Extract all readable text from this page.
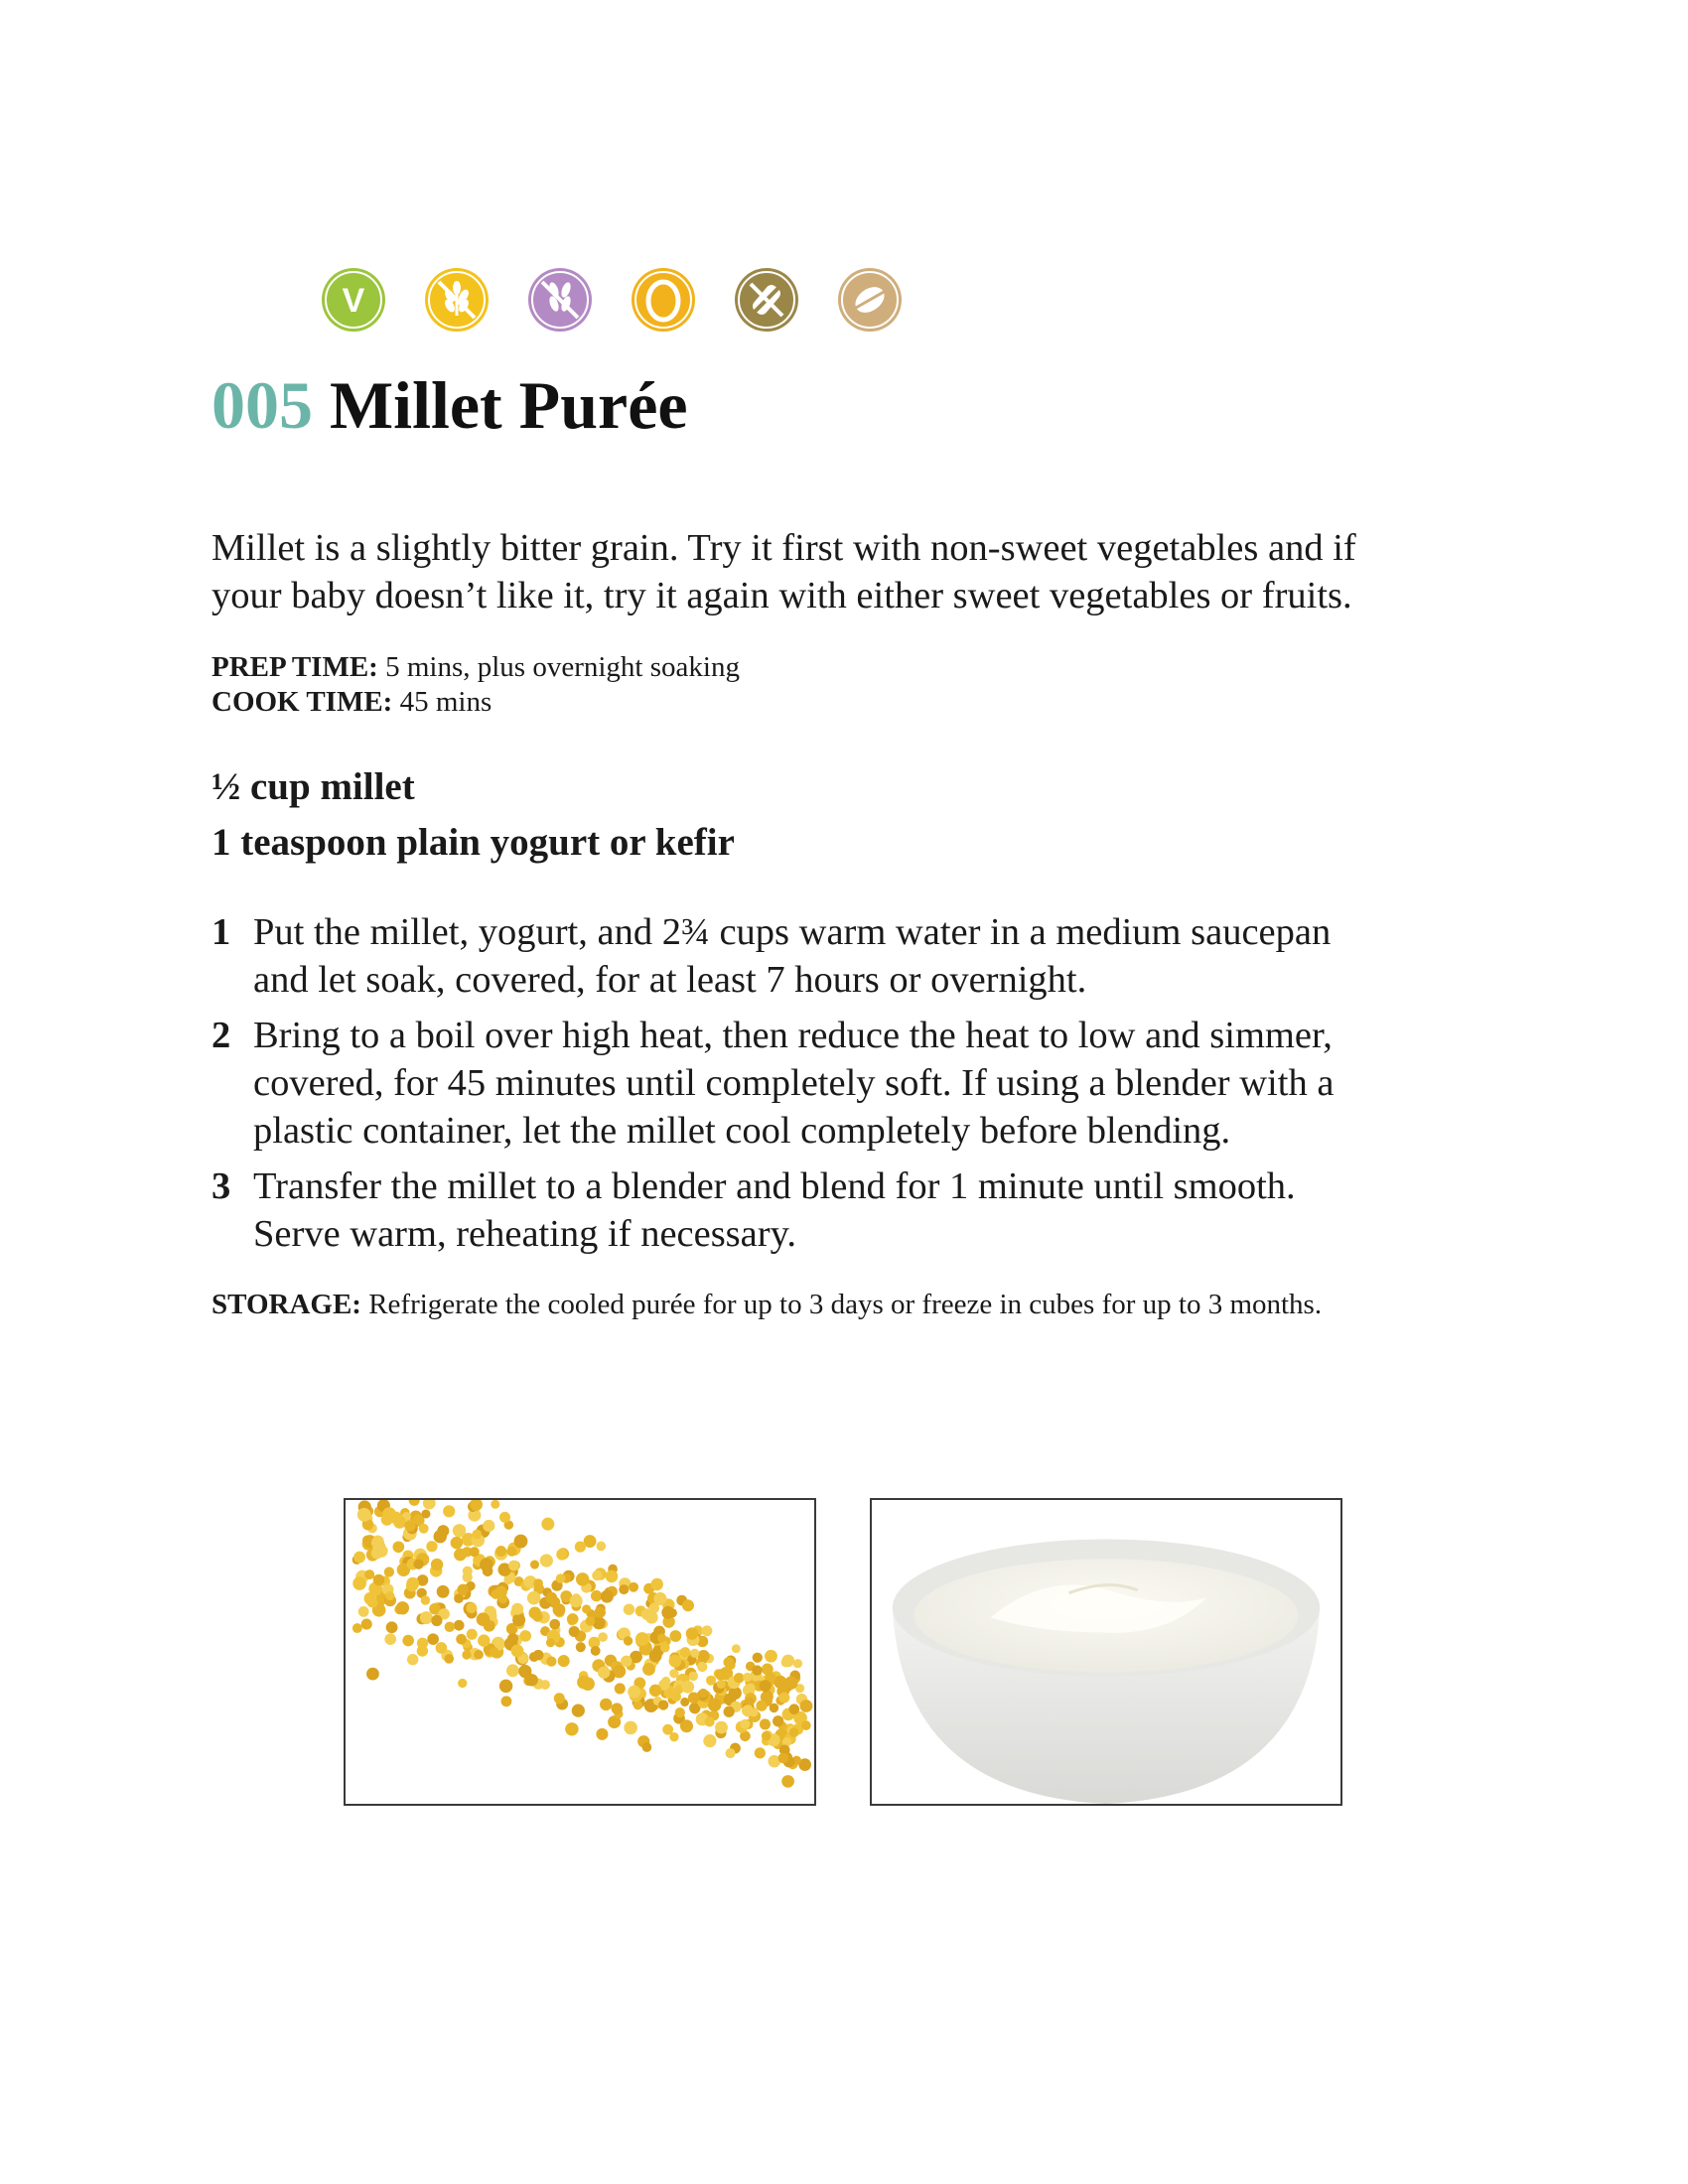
V
005 Millet Purée

Millet is a slightly bitter grain. Try it first with non-sweet vegetables and if
your baby doesn’t like it, try it again with either sweet vegetables or fruits.

PREP TIME: 5 mins, plus overnight soaking
COOK TIME: 45 mins
½ cup millet
1 teaspoon plain yogurt or kefir
1 Put the millet, yogurt, and 2¾ cups warm water in a medium saucepan
and let soak, covered, for at least 7 hours or overnight.
2 Bring to a boil over high heat, then reduce the heat to low and simmer,
covered, for 45 minutes until completely soft. If using a blender with a
plastic container, let the millet cool completely before blending.
3 Transfer the millet to a blender and blend for 1 minute until smooth.
Serve warm, reheating if necessary.
STORAGE: Refrigerate the cooled purée for up to 3 days or freeze in cubes for up to 3 months.
